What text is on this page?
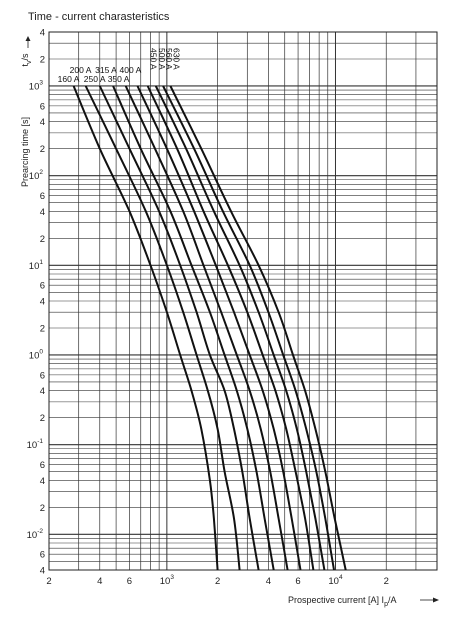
Time - current charasteristics
160 A
200 A
250 A
315 A
350 A
400 A
450 A
500 A
560 A
630 A
2	4	6	$10^3$	2	4	6	$10^4$	2
4
2
$10^3$
6
4
2
$10^2$
6
4
2
$10^1$
6
4
2
$10^0$
6
4
2
$10^{-1}$
6
4
2
$10^{-2}$
6
4
Prearcing time [s]
$t_v/s$
Prospective current [A] $I_p/A$
